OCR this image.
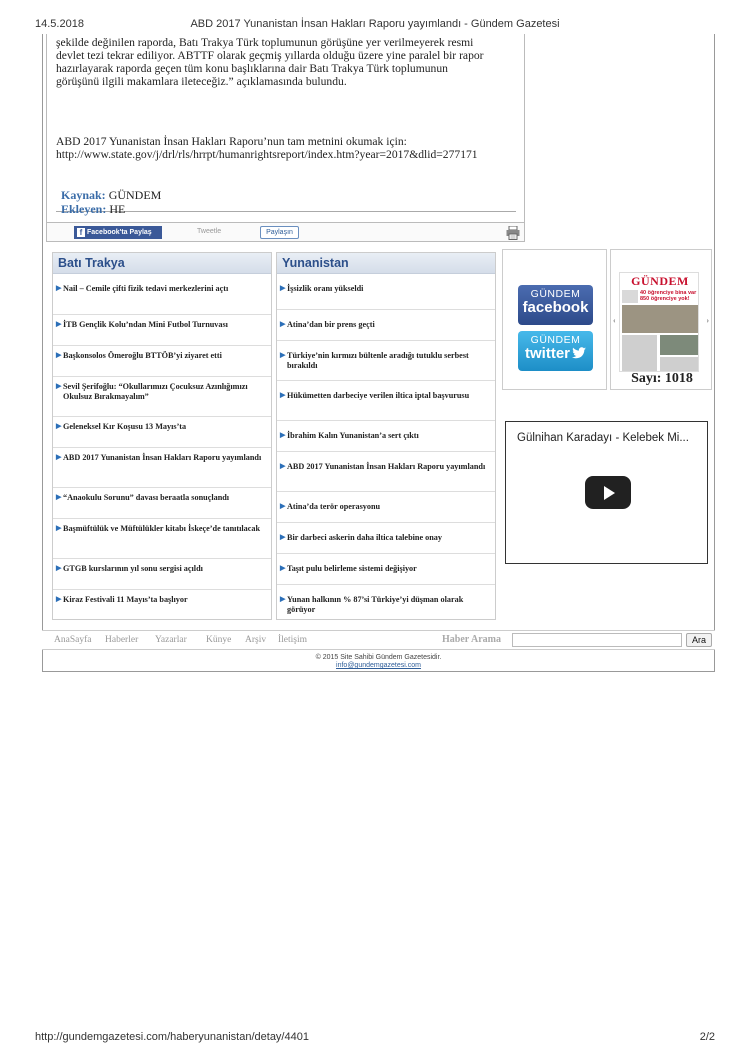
14.5.2018	ABD 2017 Yunanistan İnsan Hakları Raporu yayımlandı - Gündem Gazetesi
şekilde değinilen raporda, Batı Trakya Türk toplumunun görüşüne yer verilmeyerek resmi
devlet tezi tekrar ediliyor. ABTTF olarak geçmiş yıllarda olduğu üzere yine paralel bir rapor
hazırlayarak raporda geçen tüm konu başlıklarına dair Batı Trakya Türk toplumunun
görüşünü ilgili makamlara ileteceğiz.” açıklamasında bulundu.
ABD 2017 Yunanistan İnsan Hakları Raporu’nun tam metnini okumak için:
http://www.state.gov/j/drl/rls/hrrpt/humanrightsreport/index.htm?year=2017&dlid=277171
Kaynak: GÜNDEM
Ekleyen: HE
f Facebook'ta Paylaş	Tweetle	Paylaşın
Batı Trakya
▶ Nail – Cemile çifti fizik tedavi merkezlerini açtı
▶ İTB Gençlik Kolu’ndan Mini Futbol Turnuvası
▶ Başkonsolos Ömeroğlu BTTÖB’yi ziyaret etti
▶ Sevil Şerifoğlu: “Okullarımızı Çocuksuz Azınlığımızı Okulsuz Bırakmayalım”
▶ Geleneksel Kır Koşusu 13 Mayıs’ta
▶ ABD 2017 Yunanistan İnsan Hakları Raporu yayımlandı
▶ “Anaokulu Sorunu” davası beraatla sonuçlandı
▶ Başmüftülük ve Müftülükler kitabı İskeçe’de tanıtılacak
▶ GTGB kurslarının yıl sonu sergisi açıldı
▶ Kiraz Festivali 11 Mayıs’ta başlıyor
Yunanistan
▶ İşsizlik oranı yükseldi
▶ Atina’dan bir prens geçti
▶ Türkiye’nin kırmızı bültenle aradığı tutuklu serbest bırakıldı
▶ Hükümetten darbeciye verilen iltica iptal başvurusu
▶ İbrahim Kalın Yunanistan’a sert çıktı
▶ ABD 2017 Yunanistan İnsan Hakları Raporu yayımlandı
▶ Atina’da terör operasyonu
▶ Bir darbeci askerin daha iltica talebine onay
▶ Taşıt pulu belirleme sistemi değişiyor
▶ Yunan halkının % 87’si Türkiye’yi düşman olarak görüyor
GÜNDEM
facebook
GÜNDEM
twitter
‹	›
GÜNDEM
40 öğrenciye bina var 850 öğrenciye yok!
Sayı: 1018
Gülnihan Karadayı - Kelebek Mi...
AnaSayfa Haberler Yazarlar Künye Arşiv İletişim	Haber Arama	Ara
© 2015 Site Sahibi Gündem Gazetesidir.
info@gundemgazetesi.com
http://gundemgazetesi.com/haberyunanistan/detay/4401	2/2
